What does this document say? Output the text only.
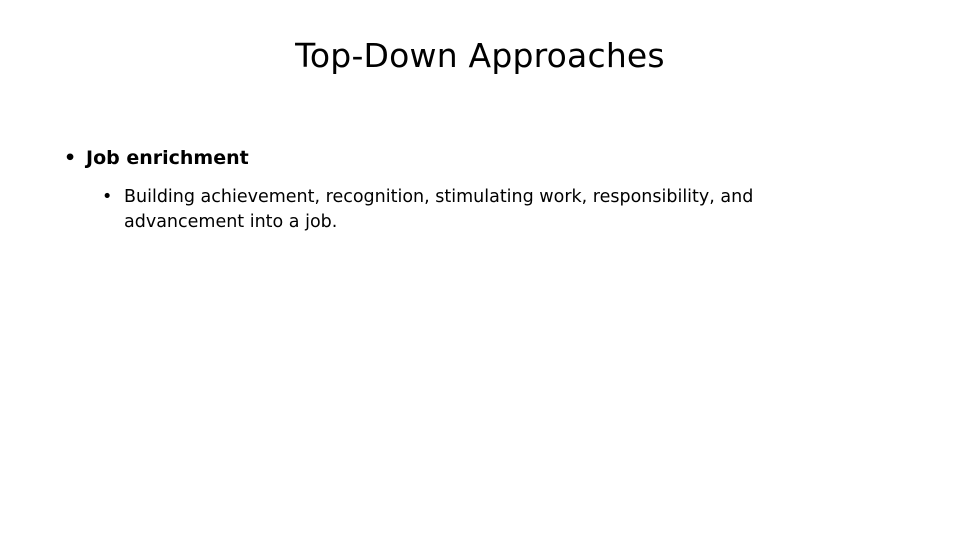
Top-Down Approaches
• Job enrichment
• Building achievement, recognition, stimulating work, responsibility, and advancement into a job.
